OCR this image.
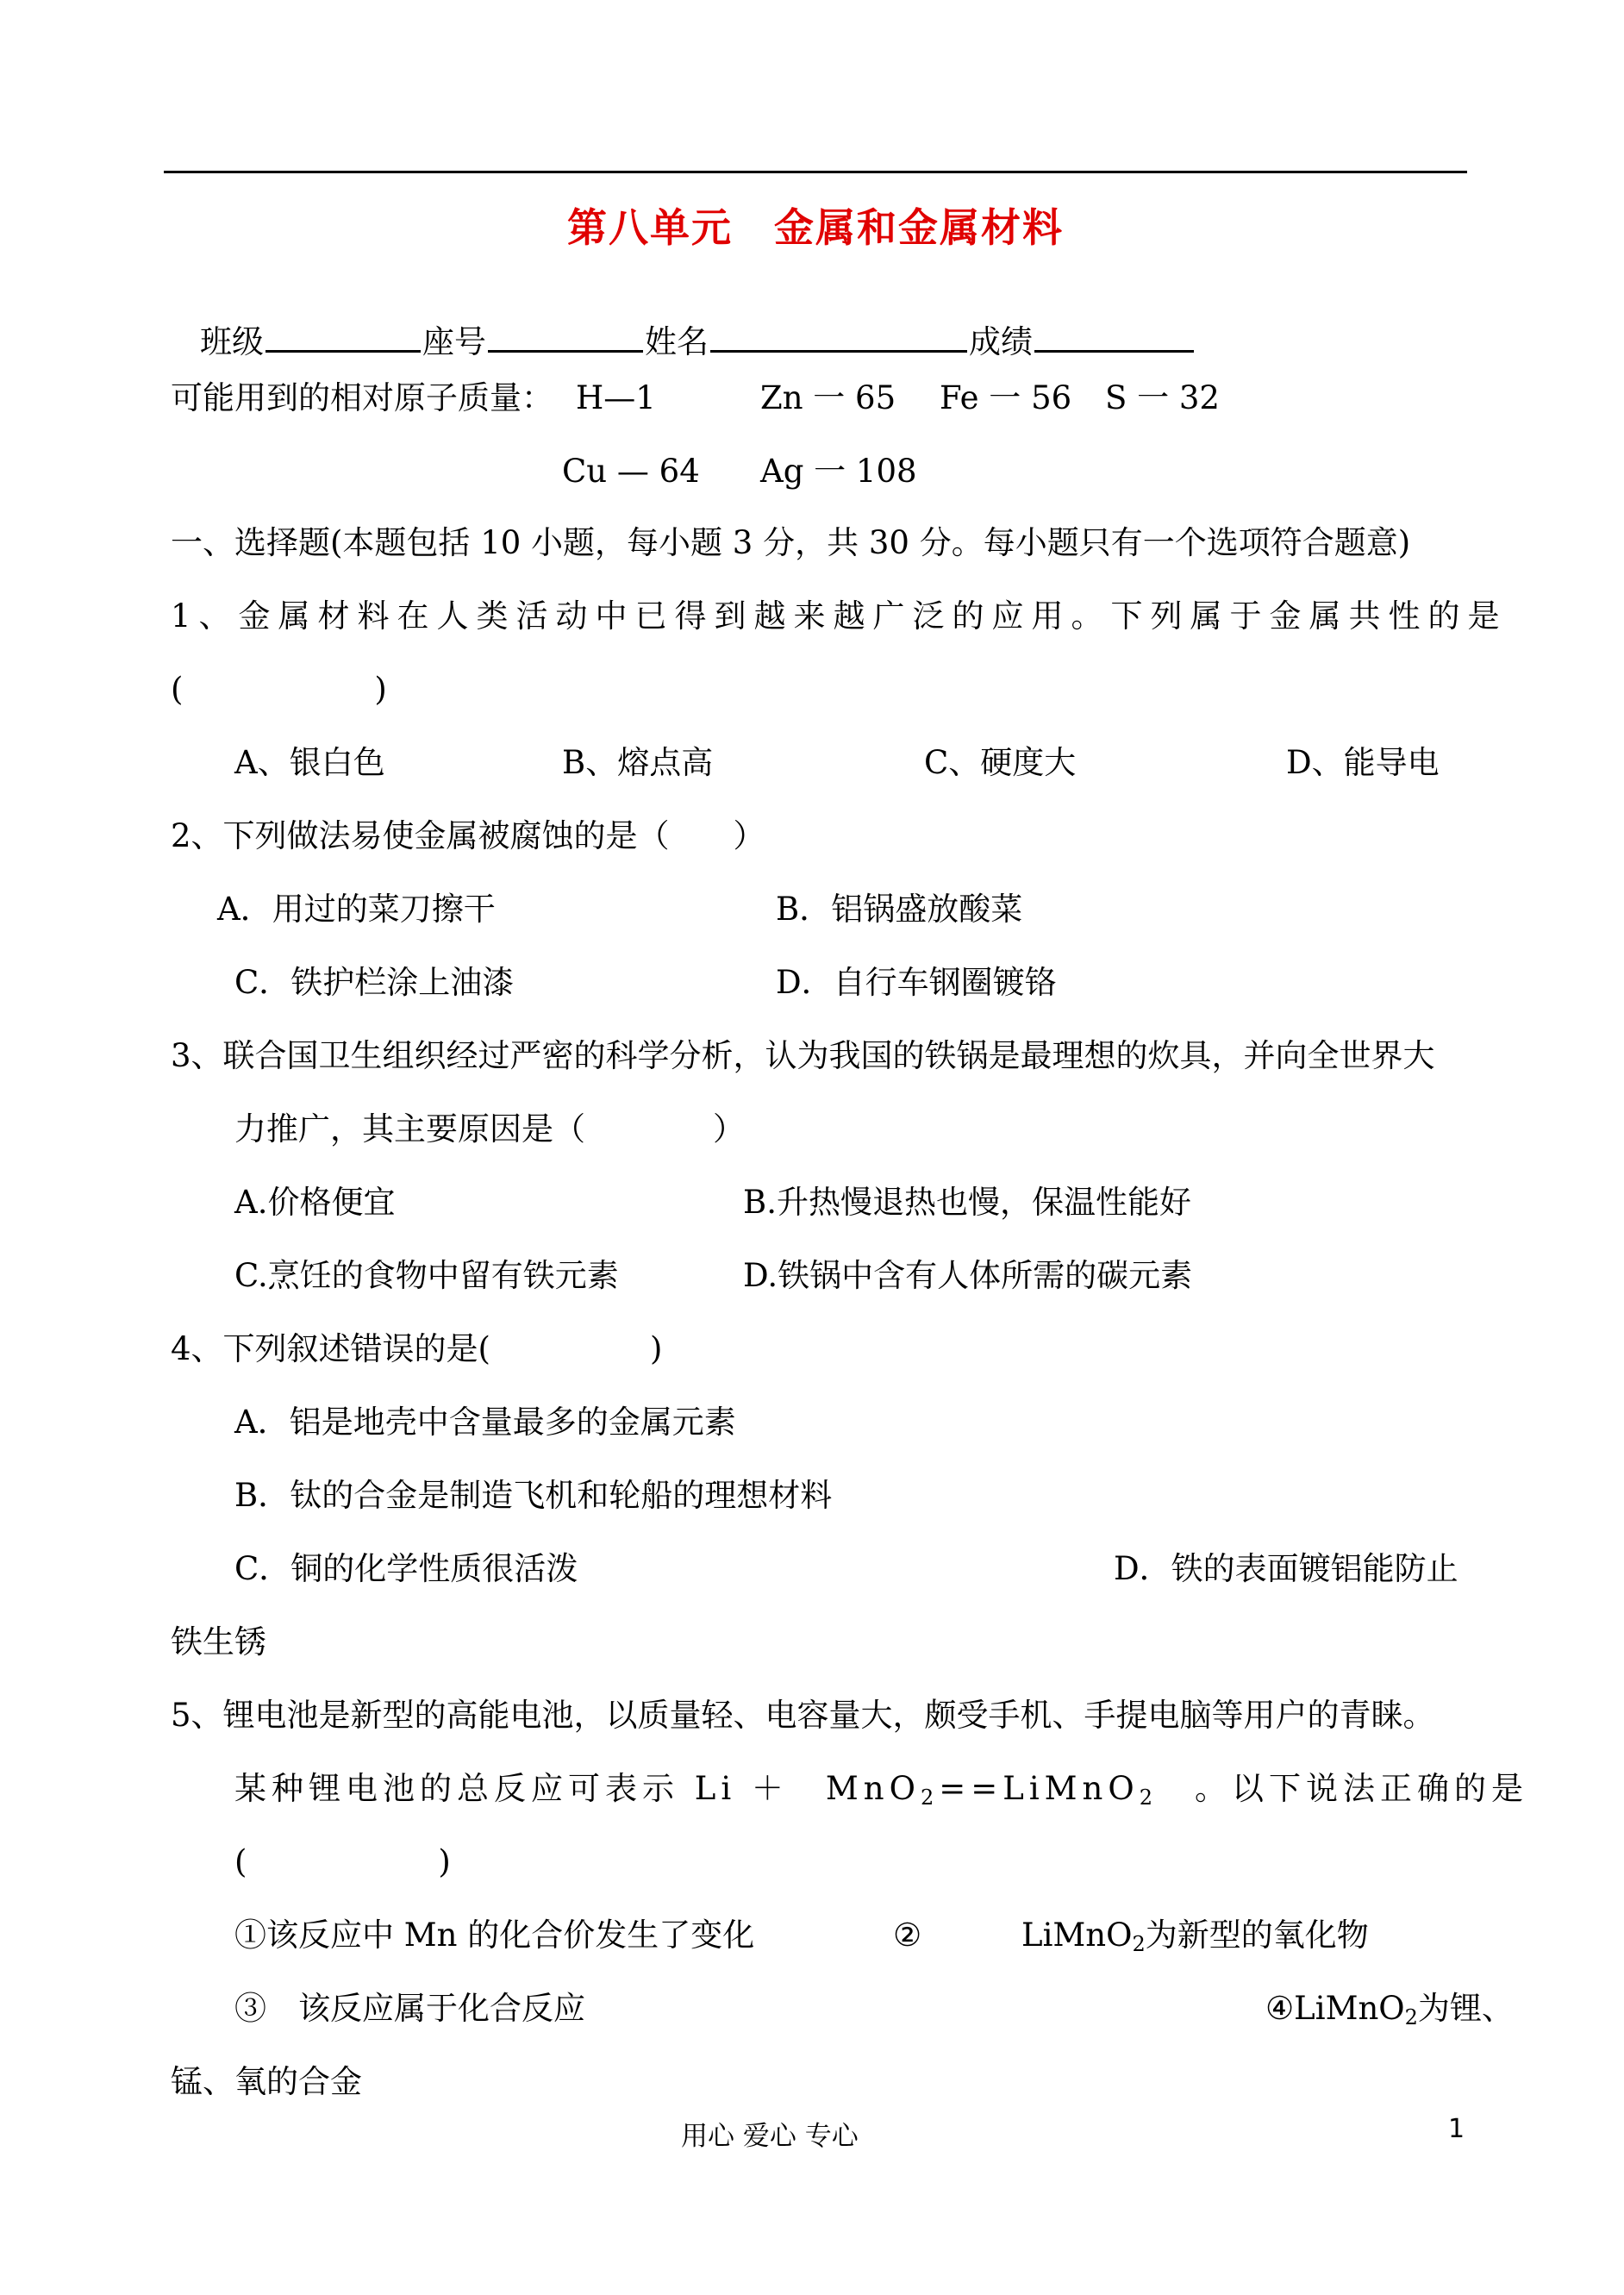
第八单元　金属和金属材料
班级	座号	姓名	成绩
可能用到的相对原子质量： H—1	Zn 一 65 Fe 一 56 S 一 32
Cu — 64 Ag 一 108
一、选择题(本题包括 10 小题，每小题 3 分，共 30 分。每小题只有一个选项符合题意)
1、金属材料在人类活动中已得到越来越广泛的应用。下列属于金属共性的是
(　　　　　　)
A、银白色	B、熔点高	C、硬度大	D、能导电
2、下列做法易使金属被腐蚀的是（　　）
A．用过的菜刀擦干	B．铝锅盛放酸菜
C．铁护栏涂上油漆	D．自行车钢圈镀铬
3、联合国卫生组织经过严密的科学分析，认为我国的铁锅是最理想的炊具，并向全世界大
力推广，其主要原因是（　　　　）
A.价格便宜	B.升热慢退热也慢，保温性能好
C.烹饪的食物中留有铁元素	D.铁锅中含有人体所需的碳元素
4、下列叙述错误的是(　　　　　)
A．铝是地壳中含量最多的金属元素
B．钛的合金是制造飞机和轮船的理想材料
C．铜的化学性质很活泼	D．铁的表面镀铝能防止
铁生锈
5、锂电池是新型的高能电池，以质量轻、电容量大，颇受手机、手提电脑等用户的青睐。
某种锂电池的总反应可表示 Li ＋　MnO$_2$==LiMnO$_2$　。以下说法正确的是
(　　　　　　)
①该反应中 Mn 的化合价发生了变化	②	LiMnO$_2$为新型的氧化物
③　该反应属于化合反应	④LiMnO$_2$为锂、
锰、氧的合金
用心 爱心 专心	1
